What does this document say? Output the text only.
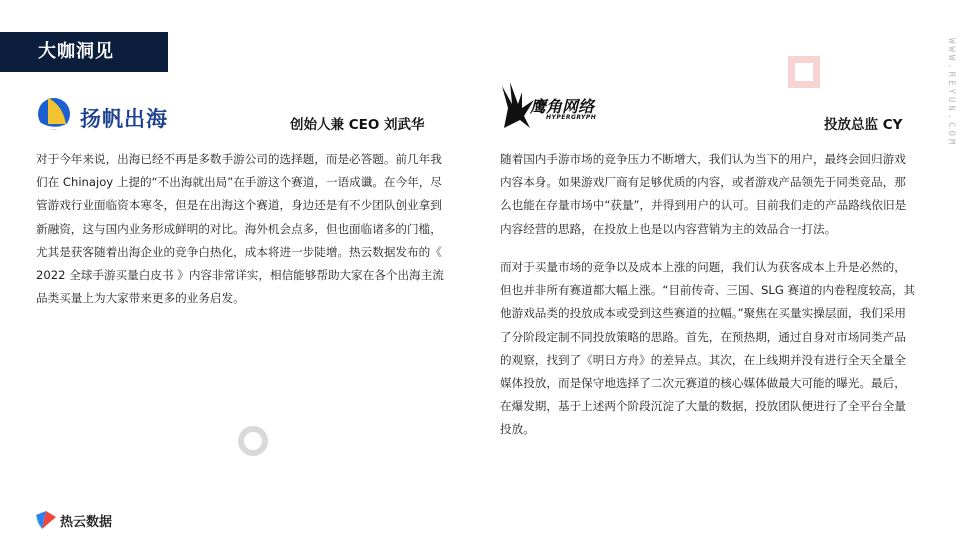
大咖洞见	WWW.REYUN.COM
扬帆出海	创始人兼 CEO 刘武华

对于今年来说，出海已经不再是多数手游公司的选择题，而是必答题。前几年我们在 Chinajoy 上提的“不出海就出局”在手游这个赛道，一语成谶。在今年，尽管游戏行业面临资本寒冬，但是在出海这个赛道，身边还是有不少团队创业拿到新融资，这与国内业务形成鲜明的对比。海外机会点多，但也面临诸多的门槛，尤其是获客随着出海企业的竞争白热化，成本将进一步陡增。热云数据发布的《 2022 全球手游买量白皮书 》内容非常详实，相信能够帮助大家在各个出海主流品类买量上为大家带来更多的业务启发。

鹰角网络
HYPERGRYPH	投放总监 CY

随着国内手游市场的竞争压力不断增大，我们认为当下的用户，最终会回归游戏内容本身。如果游戏厂商有足够优质的内容，或者游戏产品领先于同类竞品，那么也能在存量市场中“获量”，并得到用户的认可。目前我们走的产品路线依旧是内容经营的思路，在投放上也是以内容营销为主的效品合一打法。

而对于买量市场的竞争以及成本上涨的问题，我们认为获客成本上升是必然的，但也并非所有赛道都大幅上涨。“目前传奇、三国、SLG 赛道的内卷程度较高，其他游戏品类的投放成本或受到这些赛道的拉幅。”聚焦在买量实操层面，我们采用了分阶段定制不同投放策略的思路。首先，在预热期，通过自身对市场同类产品的观察，找到了《明日方舟》的差异点。其次，在上线期并没有进行全天全量全媒体投放，而是保守地选择了二次元赛道的核心媒体做最大可能的曝光。最后，在爆发期，基于上述两个阶段沉淀了大量的数据，投放团队便进行了全平台全量投放。

热云数据
